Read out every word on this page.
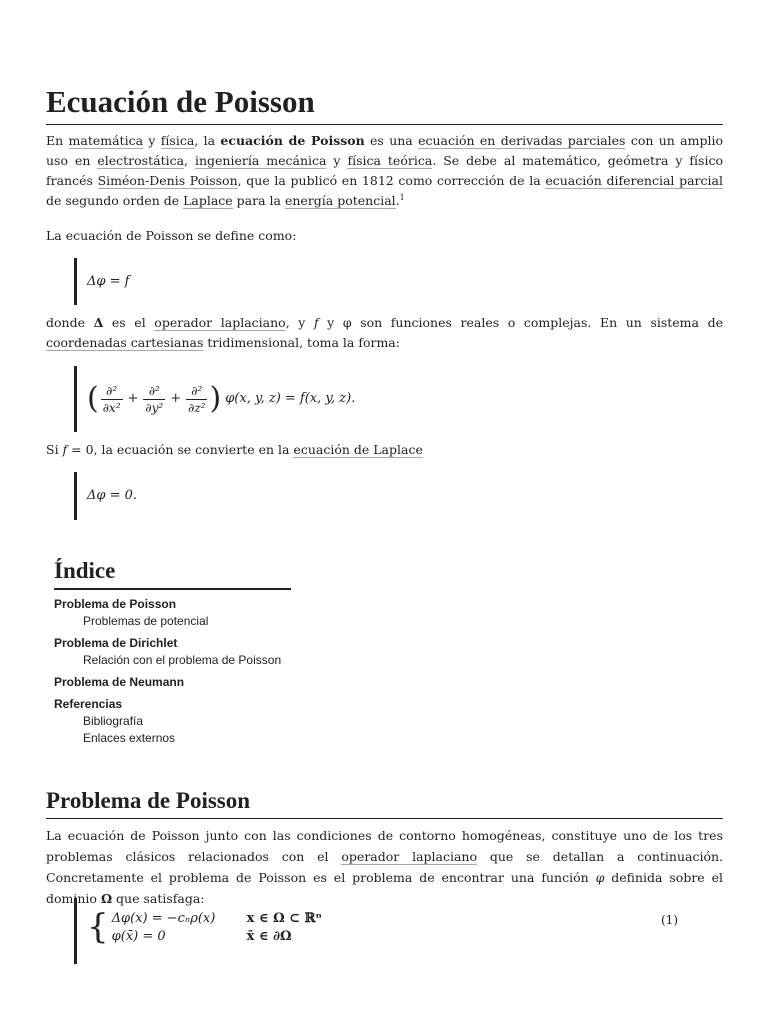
Ecuación de Poisson

En matemática y física, la ecuación de Poisson es una ecuación en derivadas parciales con un amplio uso en electrostática, ingeniería mecánica y física teórica. Se debe al matemático, geómetra y físico francés Siméon-Denis Poisson, que la publicó en 1812 como corrección de la ecuación diferencial parcial de segundo orden de Laplace para la energía potencial.$^1$

La ecuación de Poisson se define como:

Δφ = f

donde Δ es el operador laplaciano, y f y φ son funciones reales o complejas. En un sistema de coordenadas cartesianas tridimensional, toma la forma:

( $\frac{\text{∂²}}{\text{∂x²}} + \frac{\text{∂²}}{\text{∂y²}} + \frac{\text{∂²}}{\text{∂z²}}$ ) φ(x, y, z) = f(x, y, z).

Si f = 0, la ecuación se convierte en la ecuación de Laplace

Δφ = 0.
Problema de Poisson

La ecuación de Poisson junto con las condiciones de contorno homogéneas, constituye uno de los tres problemas clásicos relacionados con el operador laplaciano que se detallan a continuación. Concretamente el problema de Poisson es el problema de encontrar una función φ definida sobre el dominio Ω que satisfaga:

{ Δφ(x) = −cₙρ(x)	x ∈ Ω ⊂ ℝⁿ
φ(x̄) = 0	x̄ ∈ ∂Ω
(1)
Índice
Problema de Poisson
Problemas de potencial
Problema de Dirichlet
Relación con el problema de Poisson
Problema de Neumann
Referencias
Bibliografía
Enlaces externos
